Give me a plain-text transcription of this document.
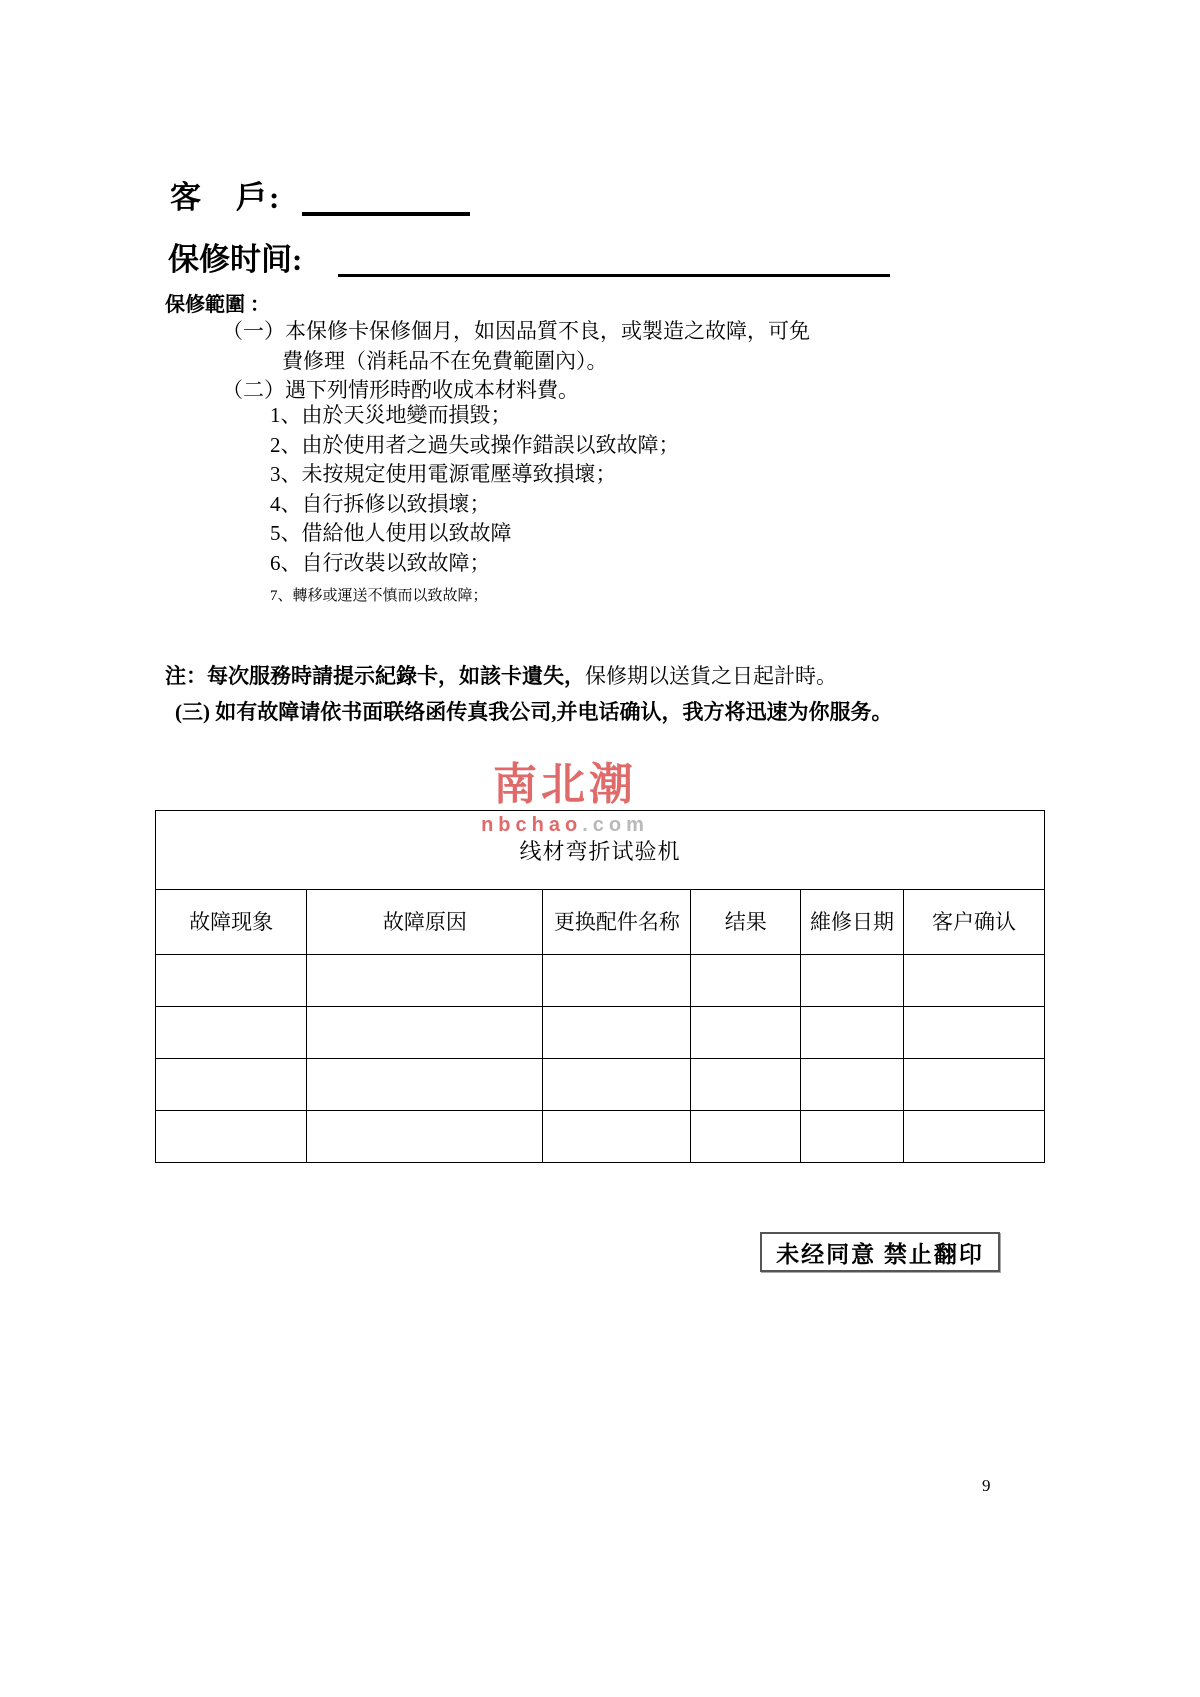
客　戶:
保修时间:
保修範圍 ：
（一）本保修卡保修個月，如因品質不良，或製造之故障，可免
費修理（消耗品不在免費範圍內）。
（二）遇下列情形時酌收成本材料費。
1、由於天災地變而損毀；
2、由於使用者之過失或操作錯誤以致故障；
3、未按規定使用電源電壓導致損壞；
4、自行拆修以致損壞；
5、借給他人使用以致故障
6、自行改裝以致故障；
7、轉移或運送不慎而以致故障；
注：每次服務時請提示紀錄卡，如該卡遺失，保修期以送貨之日起計時。
(三) 如有故障请依书面联络函传真我公司,并电话确认，我方将迅速为你服务。
南北潮
nbchao.com
线材弯折试验机					
故障现象	故障原因	更换配件名称	结果	維修日期	客户确认

未经同意 禁止翻印
9
